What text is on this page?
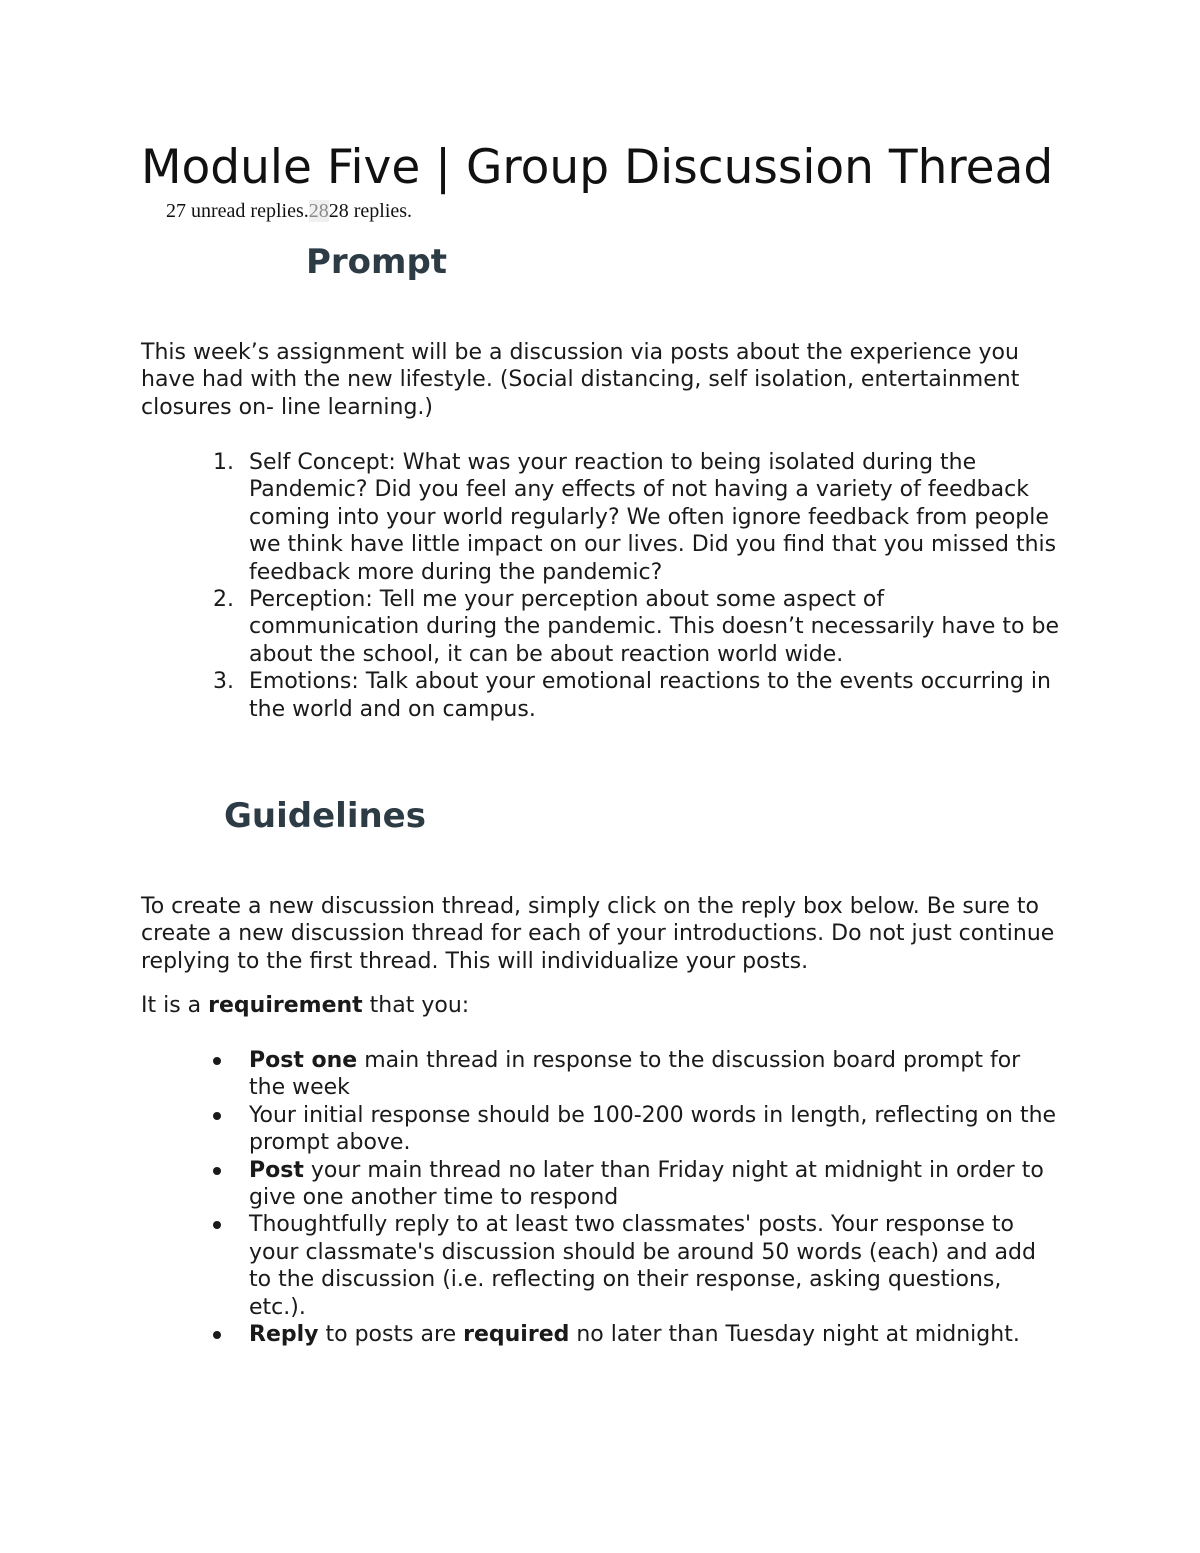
Module Five | Group Discussion Thread
27 unread replies.2828 replies.
Prompt

This week’s assignment will be a discussion via posts about the experience you have had with the new lifestyle. (Social distancing, self isolation, entertainment closures on- line learning.)

1. Self Concept: What was your reaction to being isolated during the Pandemic? Did you feel any effects of not having a variety of feedback coming into your world regularly? We often ignore feedback from people we think have little impact on our lives. Did you find that you missed this feedback more during the pandemic?
2. Perception: Tell me your perception about some aspect of communication during the pandemic. This doesn’t necessarily have to be about the school, it can be about reaction world wide.
3. Emotions: Talk about your emotional reactions to the events occurring in the world and on campus.
Guidelines

To create a new discussion thread, simply click on the reply box below. Be sure to create a new discussion thread for each of your introductions. Do not just continue replying to the first thread. This will individualize your posts.

It is a requirement that you:

Post one main thread in response to the discussion board prompt for the week
Your initial response should be 100-200 words in length, reflecting on the prompt above.
Post your main thread no later than Friday night at midnight in order to give one another time to respond
Thoughtfully reply to at least two classmates' posts. Your response to your classmate's discussion should be around 50 words (each) and add to the discussion (i.e. reflecting on their response, asking questions, etc.).
Reply to posts are required no later than Tuesday night at midnight.
